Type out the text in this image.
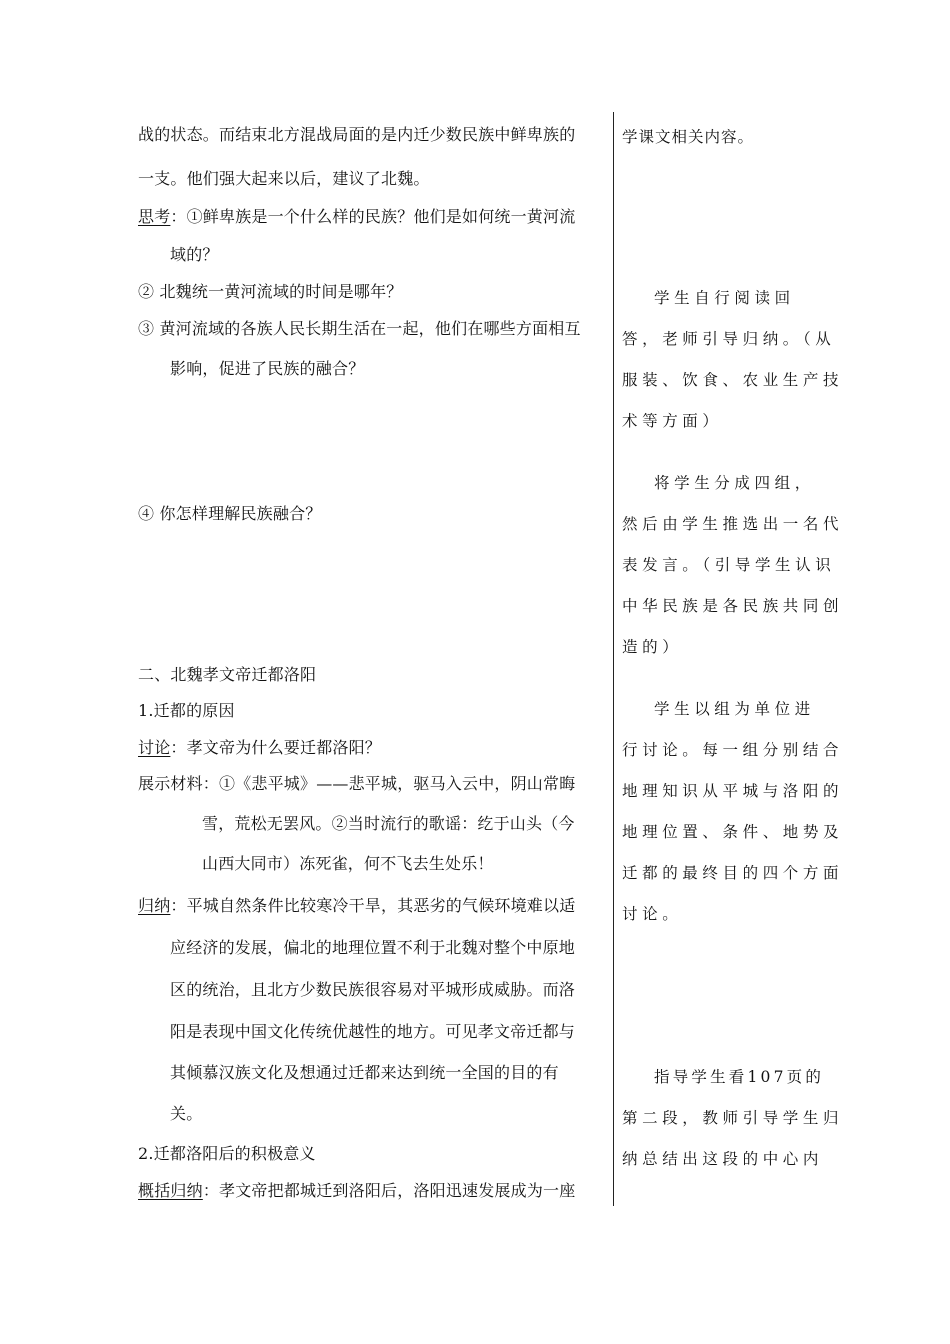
战的状态。而结束北方混战局面的是内迁少数民族中鲜卑族的
一支。他们强大起来以后，建议了北魏。
思考：①鲜卑族是一个什么样的民族？他们是如何统一黄河流
域的？
② 北魏统一黄河流域的时间是哪年？
③ 黄河流域的各族人民长期生活在一起，他们在哪些方面相互
影响，促进了民族的融合？
④ 你怎样理解民族融合？
二、北魏孝文帝迁都洛阳
1.迁都的原因
讨论：孝文帝为什么要迁都洛阳？
展示材料：①《悲平城》——悲平城，驱马入云中，阴山常晦
雪，荒松无罢风。②当时流行的歌谣：纥于山头（今
山西大同市）冻死雀，何不飞去生处乐！
归纳：平城自然条件比较寒冷干旱，其恶劣的气候环境难以适
应经济的发展，偏北的地理位置不利于北魏对整个中原地
区的统治，且北方少数民族很容易对平城形成威胁。而洛
阳是表现中国文化传统优越性的地方。可见孝文帝迁都与
其倾慕汉族文化及想通过迁都来达到统一全国的目的有
关。
2.迁都洛阳后的积极意义
概括归纳：孝文帝把都城迁到洛阳后，洛阳迅速发展成为一座
学课文相关内容。
学生自行阅读回
答，老师引导归纳。（从
服装、饮食、农业生产技
术等方面）
将学生分成四组，
然后由学生推选出一名代
表发言。（引导学生认识
中华民族是各民族共同创
造的）
学生以组为单位进
行讨论。每一组分别结合
地理知识从平城与洛阳的
地理位置、条件、地势及
迁都的最终目的四个方面
讨论。
指导学生看107页的
第二段，教师引导学生归
纳总结出这段的中心内
